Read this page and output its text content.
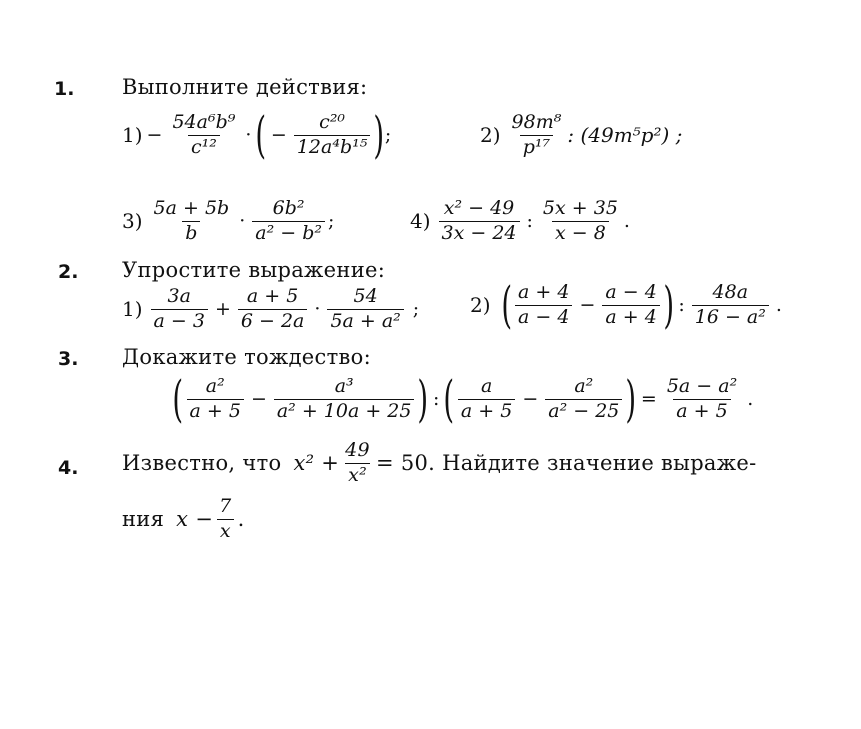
1. Выполните действия:
$1) - \frac{\text{54a⁶b⁹}}{\text{c¹²}}$ · ( − $\frac{\text{c²⁰}}{\text{12a⁴b¹⁵}}$ ) ;	$2) \frac{\text{98m⁸}}{\text{p¹⁷}}$ : (49m⁵p²) ;
$3) \frac{5a + 5b}{b} \cdot \frac{\text{6b²}}{\text{a² − b²}}$ ;	$4) \frac{\text{x² − 49}}{3x - 24}$ : $\frac{5x + 35}{x - 8}$ .
2. Упростите выражение:
$1) \frac{3a}{a - 3} + \frac{a + 5}{6 - 2a} \cdot \frac{54}{\text{5a + a²}}$ ;	2) ( $\frac{a + 4}{a - 4} - \frac{a - 4}{a + 4}$ ) : $\frac{48a}{\text{16 − a²}}$ .
3. Докажите тождество:
( $\frac{\text{a²}}{a + 5} - \frac{\text{a³}}{\text{a² + 10a + 25}}$ ) : ( $\frac{a}{a + 5} - \frac{\text{a²}}{\text{a² − 25}}$ ) = $\frac{\text{5a − a²}}{a + 5}$ .
4. Известно, что $x^2 + \frac{49}{\text{x²}} = 50$. Найдите значение выраже-
ния $x - \frac{7}{x}$ .
